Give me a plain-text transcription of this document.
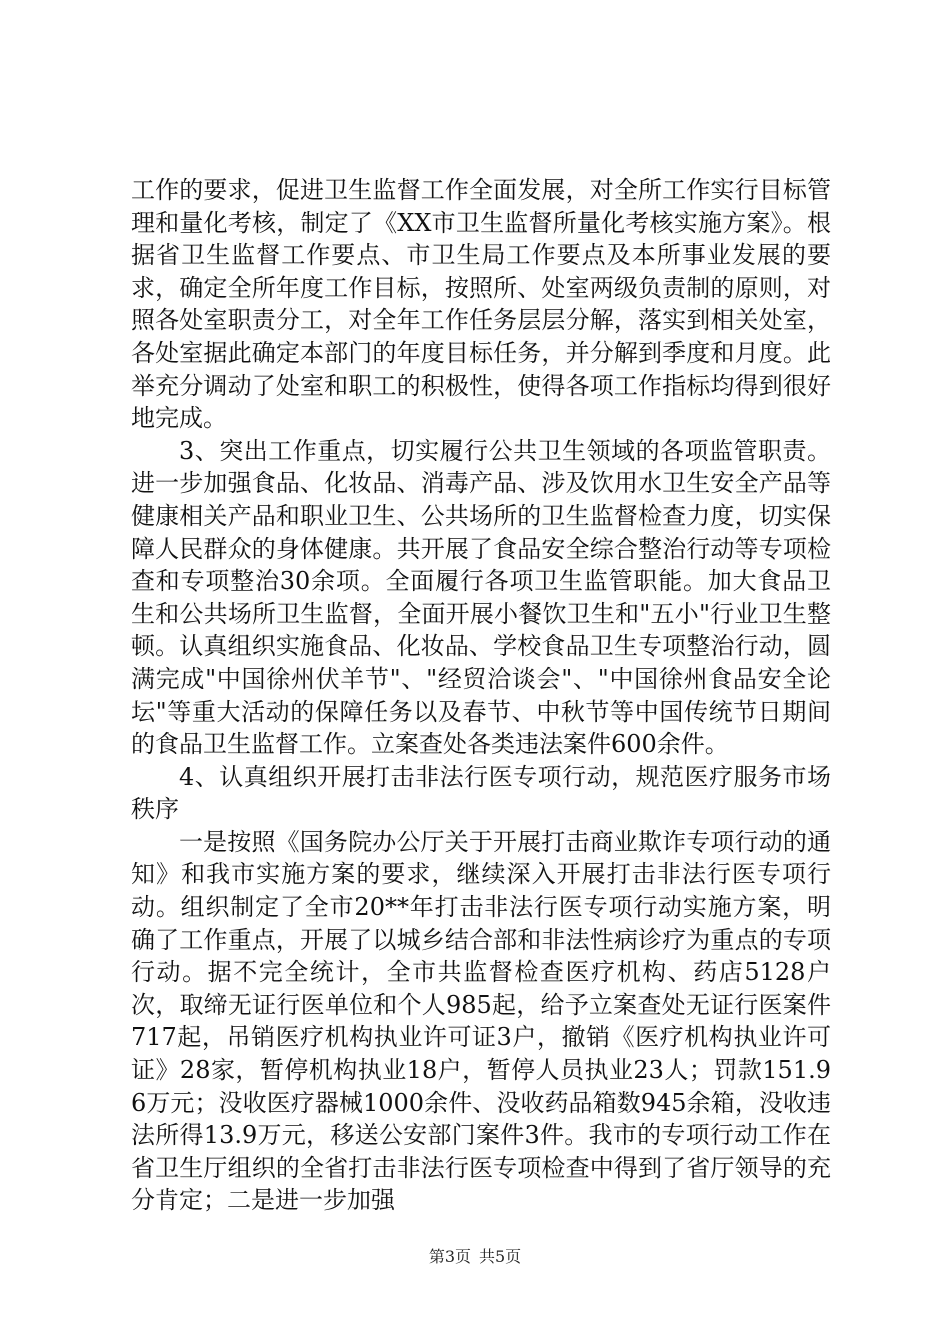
工作的要求，促进卫生监督工作全面发展，对全所工作实行目标管理和量化考核，制定了《XX市卫生监督所量化考核实施方案》。根据省卫生监督工作要点、市卫生局工作要点及本所事业发展的要求，确定全所年度工作目标，按照所、处室两级负责制的原则，对照各处室职责分工，对全年工作任务层层分解，落实到相关处室，各处室据此确定本部门的年度目标任务，并分解到季度和月度。此举充分调动了处室和职工的积极性，使得各项工作指标均得到很好地完成。

3、突出工作重点，切实履行公共卫生领域的各项监管职责。进一步加强食品、化妆品、消毒产品、涉及饮用水卫生安全产品等健康相关产品和职业卫生、公共场所的卫生监督检查力度，切实保障人民群众的身体健康。共开展了食品安全综合整治行动等专项检查和专项整治30余项。全面履行各项卫生监管职能。加大食品卫生和公共场所卫生监督，全面开展小餐饮卫生和"五小"行业卫生整顿。认真组织实施食品、化妆品、学校食品卫生专项整治行动，圆满完成"中国徐州伏羊节"、"经贸洽谈会"、"中国徐州食品安全论坛"等重大活动的保障任务以及春节、中秋节等中国传统节日期间的食品卫生监督工作。立案查处各类违法案件600余件。

4、认真组织开展打击非法行医专项行动，规范医疗服务市场秩序

一是按照《国务院办公厅关于开展打击商业欺诈专项行动的通知》和我市实施方案的要求，继续深入开展打击非法行医专项行动。组织制定了全市20**年打击非法行医专项行动实施方案，明确了工作重点，开展了以城乡结合部和非法性病诊疗为重点的专项行动。据不完全统计，全市共监督检查医疗机构、药店5128户次，取缔无证行医单位和个人985起，给予立案查处无证行医案件717起，吊销医疗机构执业许可证3户，撤销《医疗机构执业许可证》28家，暂停机构执业18户，暂停人员执业23人；罚款151.96万元；没收医疗器械1000余件、没收药品箱数945余箱，没收违法所得13.9万元，移送公安部门案件3件。我市的专项行动工作在省卫生厅组织的全省打击非法行医专项检查中得到了省厅领导的充分肯定；二是进一步加强

第3页 共5页
